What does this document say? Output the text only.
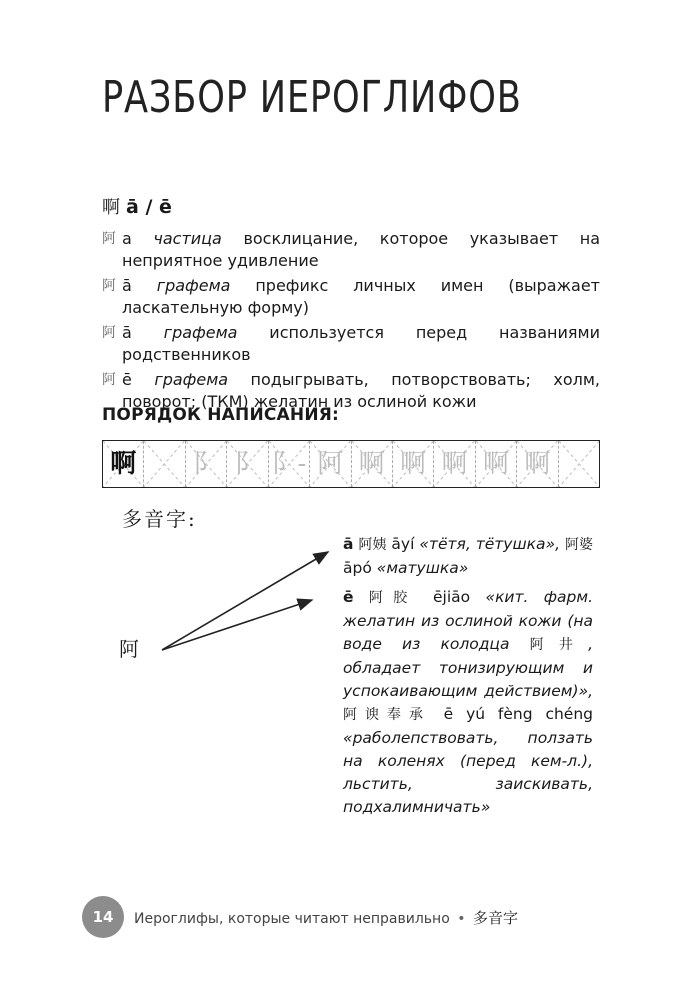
РАЗБОР ИЕРОГЛИФОВ
啊 ā / ē
阿 а частица восклицание, которое указывает на неприятное удивление
阿 ā графема префикс личных имен (выражает ласкательную форму)
阿 ā графема используется перед названиями родственников
阿 ē графема подыгрывать, потворствовать; холм, поворот; (ТКМ) желатин из ослиной кожи
ПОРЯДОК НАПИСАНИЯ:
啊 ⻖ 阝 阝- 阿 啊 啊 啊 啊 啊
多音字:
阿

ā 阿姨 āyí «тётя, тётушка», 阿婆 āpó «матушка»

ē 阿胶 ējiāo «кит. фарм. желатин из ослиной кожи (на воде из колодца 阿井, обладает тонизирующим и успокаивающим действием)», 阿谀奉承 ē yú fèng chéng «раболепствовать, ползать на коленях (перед кем-л.), льстить, заискивать, подхалимничать»

14	Иероглифы, которые читают неправильно • 多音字
